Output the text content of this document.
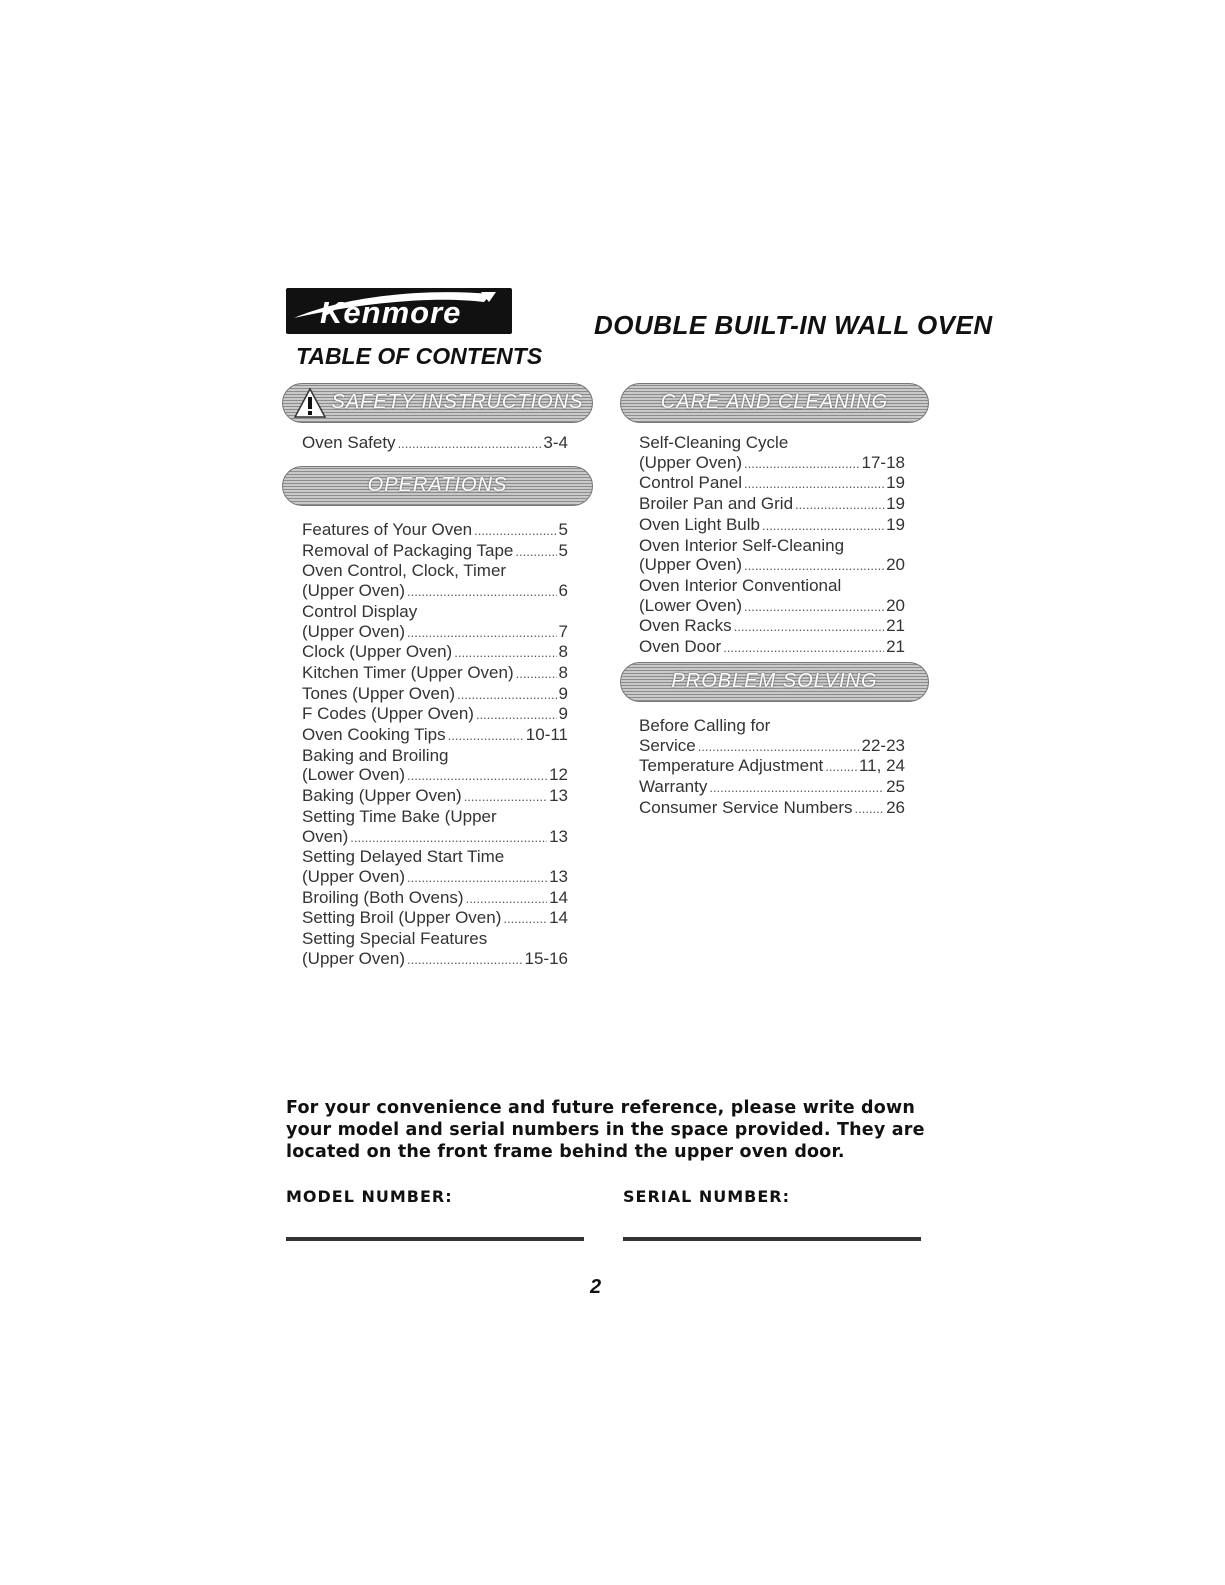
Kenmore	DOUBLE BUILT-IN WALL OVEN
TABLE OF CONTENTS
SAFETY INSTRUCTIONS
Oven Safety .....	3-4
OPERATIONS
Features of Your Oven .....	5
Removal of Packaging Tape .....	5
Oven Control, Clock, Timer
(Upper Oven) .....	6
Control Display
(Upper Oven) .....	7
Clock (Upper Oven) .....	8
Kitchen Timer (Upper Oven) .....	8
Tones (Upper Oven) .....	9
F Codes (Upper Oven) .....	9
Oven Cooking Tips .....	10-11
Baking and Broiling
(Lower Oven) .....	12
Baking (Upper Oven) .....	13
Setting Time Bake (Upper
Oven) .....	13
Setting Delayed Start Time
(Upper Oven) .....	13
Broiling (Both Ovens) .....	14
Setting Broil (Upper Oven) .....	14
Setting Special Features
(Upper Oven) .....	15-16
CARE AND CLEANING
Self-Cleaning Cycle
(Upper Oven) .....	17-18
Control Panel .....	19
Broiler Pan and Grid .....	19
Oven Light Bulb .....	19
Oven Interior Self-Cleaning
(Upper Oven) .....	20
Oven Interior Conventional
(Lower Oven) .....	20
Oven Racks .....	21
Oven Door .....	21
PROBLEM SOLVING
Before Calling for
Service .....	22-23
Temperature Adjustment ..... 11, 24
Warranty .....	25
Consumer Service Numbers ..... 26
For your convenience and future reference, please write down your model and serial numbers in the space provided. They are located on the front frame behind the upper oven door.
MODEL NUMBER:	SERIAL NUMBER:
2
